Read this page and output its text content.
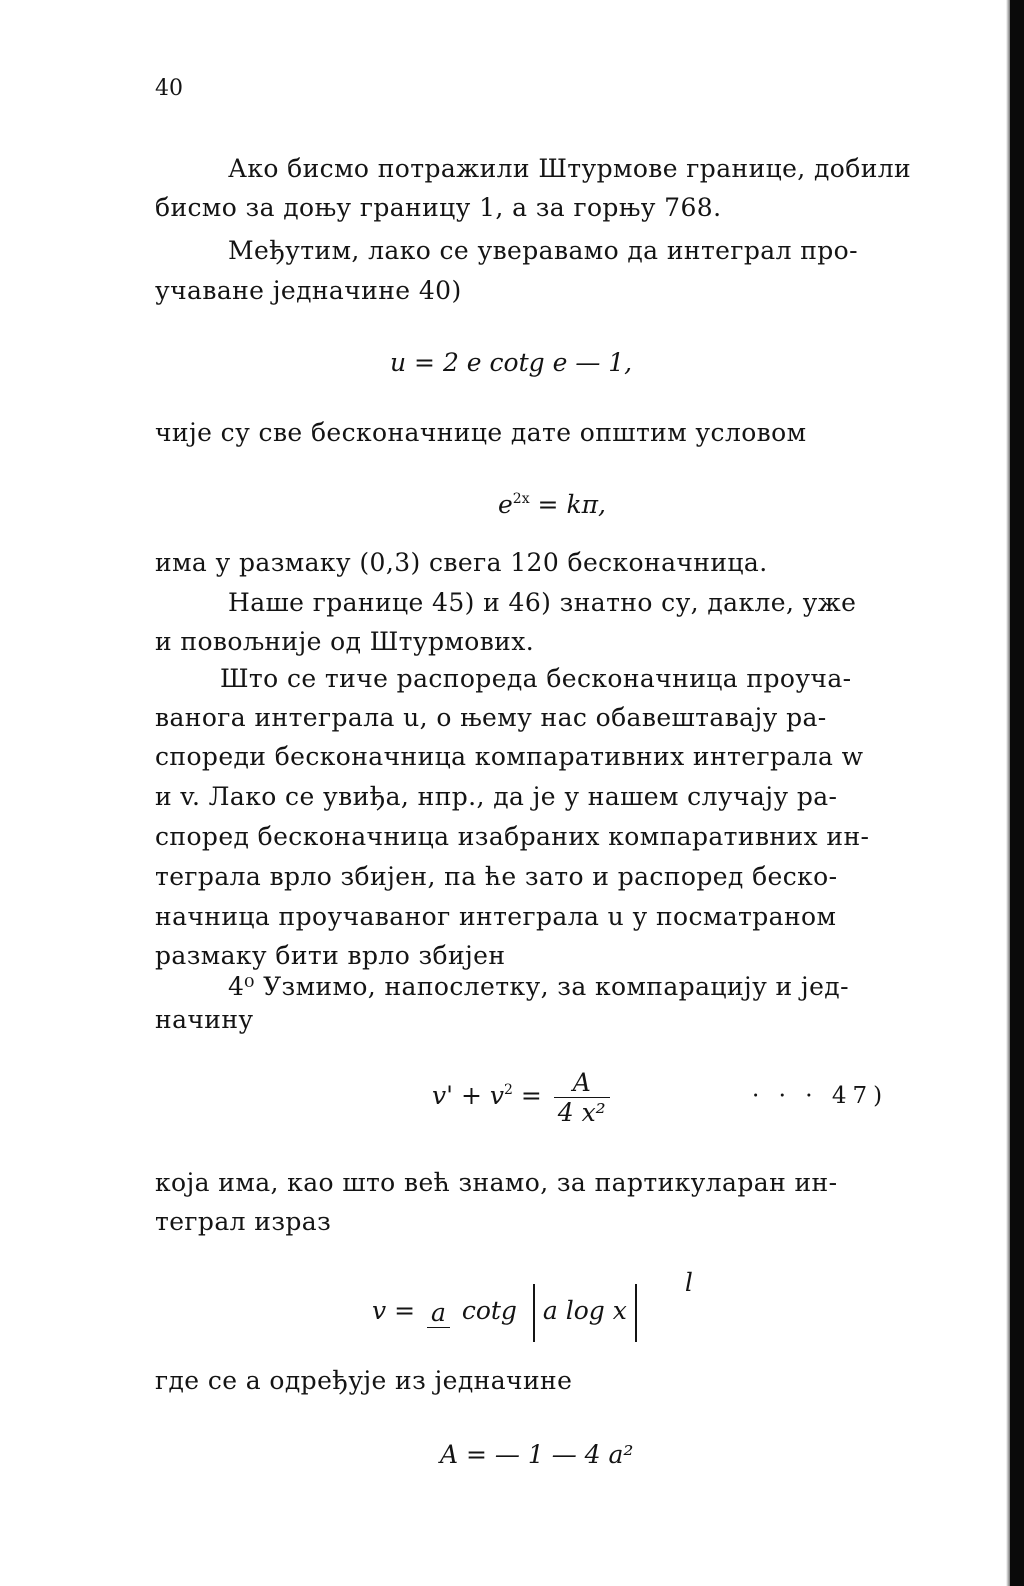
40
Ако бисмо потражили Штурмове границе, добили
бисмо за доњу границу 1, а за горњу 768.
Међутим, лако се уверавамо да интеграл про-
учаване једначине 40)
u = 2 e cotg e — 1,
чије су све бесконачнице дате општим условом
$e^{2x} = k\pi$,
има у размаку (0,3) свега 120 бесконачница.
Наше границе 45) и 46) знатно су, дакле, уже
и повољније од Штурмових.
Што се тиче распореда бесконачница проуча-
ванога интеграла u, о њему нас обавештавају ра-
спореди бесконачница компаративних интеграла w
и v. Лако се увиђа, нпр., да је у нашем случају ра-
според бесконачница изабраних компаративних ин-
теграла врло збијен, па ће зато и распоред беско-
начница проучаваног интеграла u у посматраном
размаку бити врло збијен
4⁰ Узмимо, напослетку, за компарацију и јед-
начину
$v' + v^2 = \frac{A}{\text{4 x²}}$	· · · 47)
која има, као што већ знамо, за партикуларан ин-
теграл израз
v = a cotg a log xl
где се a одређује из једначине
A = — 1 — 4 a²
